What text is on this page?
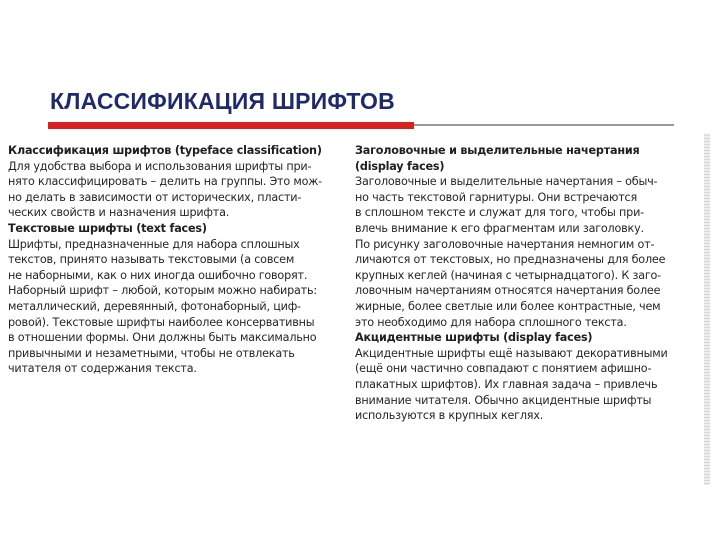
КЛАССИФИКАЦИЯ ШРИФТОВ
Классификация шрифтов (typeface classification)
Для удобства выбора и использования шрифты при-
нято классифицировать – делить на группы. Это мож-
но делать в зависимости от исторических, пласти-
ческих свойств и назначения шрифта.
Текстовые шрифты (text faces)
Шрифты, предназначенные для набора сплошных
текстов, принято называть текстовыми (а совсем
не наборными, как о них иногда ошибочно говорят.
Наборный шрифт – любой, которым можно набирать:
металлический, деревянный, фотонаборный, циф-
ровой). Текстовые шрифты наиболее консервативны
в отношении формы. Они должны быть максимально
привычными и незаметными, чтобы не отвлекать
читателя от содержания текста.
Заголовочные и выделительные начертания
(display faces)
Заголовочные и выделительные начертания – обыч-
но часть текстовой гарнитуры. Они встречаются
в сплошном тексте и служат для того, чтобы при-
влечь внимание к его фрагментам или заголовку.
По рисунку заголовочные начертания немногим от-
личаются от текстовых, но предназначены для более
крупных кеглей (начиная с четырнадцатого). К заго-
ловочным начертаниям относятся начертания более
жирные, более светлые или более контрастные, чем
это необходимо для набора сплошного текста.
Акцидентные шрифты (display faces)
Акцидентные шрифты ещё называют декоративными
(ещё они частично совпадают с понятием афишно-
плакатных шрифтов). Их главная задача – привлечь
внимание читателя. Обычно акцидентные шрифты
используются в крупных кеглях.
